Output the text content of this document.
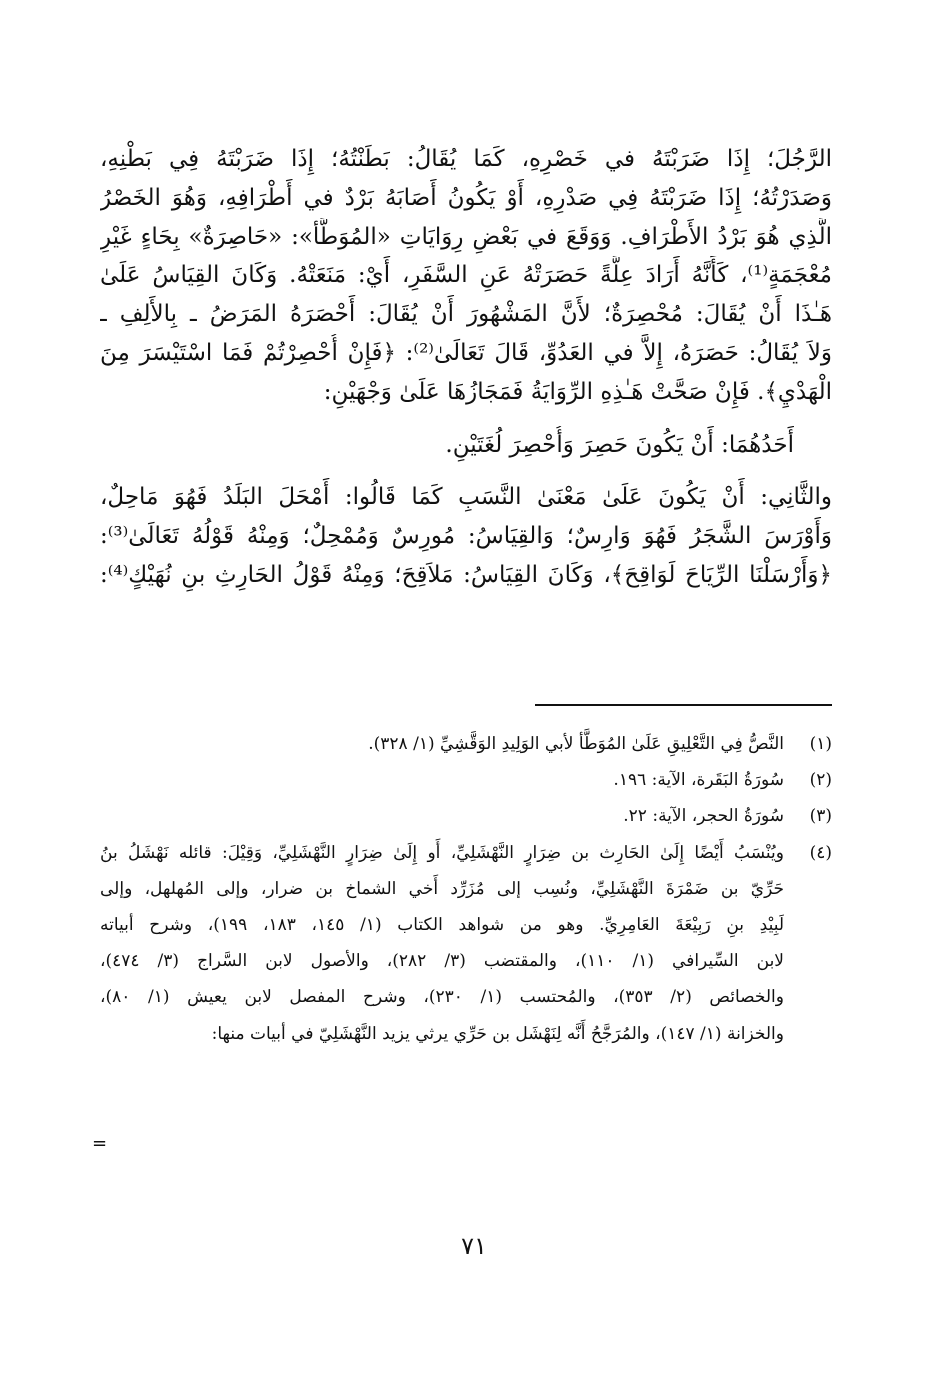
الرَّجُلَ؛ إِذَا ضَرَبْتَهُ في خَصْرِهِ، كَمَا يُقَالُ: بَطَنْتُهُ؛ إِذَا ضَرَبْتَهُ فِي بَطْنِهِ،
وَصَدَرْتُهُ؛ إِذَا ضَرَبْتَهُ فِي صَدْرِهِ، أَوْ يَكُونُ أَصَابَهُ بَرْدٌ في أَطْرَافِهِ، وَهُوَ الخَصْرُ
الَّذِي هُوَ بَرْدُ الأَطْرَافِ. وَوَقَعَ في بَعْضِ رِوَايَاتِ «المُوَطَّأ»: «حَاصِرَةٌ» بِحَاءٍ غَيْرِ
مُعْجَمَةٍ⁽¹⁾، كَأَنَّهُ أَرَادَ عِلَّةً حَصَرَتْهُ عَنِ السَّفَرِ، أَيْ: مَنَعَتْهُ. وَكَانَ القِيَاسُ عَلَىٰ
هَـٰذَا أَنْ يُقَالَ: مُحْصِرَةٌ؛ لأَنَّ المَشْهُورَ أَنْ يُقَالَ: أَحْصَرَهُ المَرَضُ ـ بِالأَلِفِ ـ
وَلاَ يُقَالُ: حَصَرَهُ، إِلاَّ في العَدُوِّ، قَالَ تَعَالَىٰ⁽²⁾: ﴿فَإِنْ أُحْصِرْتُمْ فَمَا اسْتَيْسَرَ مِنَ
الْهَدْيِ﴾. فَإِنْ صَحَّتْ هَـٰذِهِ الرِّوَايَةُ فَمَجَازُهَا عَلَىٰ وَجْهَيْنِ:

أَحَدُهُمَا: أَنْ يَكُونَ حَصِرَ وَأُحْصِرَ لُغَتَيْنِ.

والثَّانِي: أَنْ يَكُونَ عَلَىٰ مَعْنَىٰ النَّسَبِ كَمَا قَالُوا: أَمْحَلَ البَلَدُ فَهُوَ مَاحِلٌ،
وَأَوْرَسَ الشَّجَرُ فَهُوَ وَارِسٌ؛ وَالقِيَاسُ: مُورِسٌ وَمُمْحِلٌ؛ وَمِنْهُ قَوْلُهُ تَعَالَىٰ⁽³⁾:
﴿وَأَرْسَلْنَا الرِّيَاحَ لَوَاقِحَ﴾، وَكَانَ القِيَاسُ: مَلاَقِحَ؛ وَمِنْهُ قَوْلُ الحَارِثِ بنِ نُهَيْكٍ⁽⁴⁾:

(١)
النَّصُّ فِي التَّعْلِيقِ عَلَىٰ المُوَطَّأ لأبي الوَلِيدِ الوَقَّشِيِّ (١/ ٣٢٨).
(٢)
سُورَةُ البَقَرة، الآية: ١٩٦.
(٣)
سُورَةُ الحجر، الآية: ٢٢.
(٤)
ويُنْسَبُ أَيْضًا إِلَىٰ الحَارِث بن ضِرَارٍ النَّهْشَلِيِّ، أَو إِلَىٰ ضِرَارٍ النَّهْشَلِيِّ، وَقِيْلَ: قائله نَهْشَلُ بنُ
حَرِّيّ بن ضَمْرَةَ النَّهْشَلِيِّ، ونُسِب إلى مُزَرِّد أَخي الشماخ بن ضرار، وإلى المُهلهل، وإلى
لَبِيْدِ بنِ رَبِيْعَةَ العَامِرِيِّ. وهو من شواهد الكتاب (١/ ١٤٥، ١٨٣، ١٩٩)، وشرح أبياته
لابن السِّيرافي (١/ ١١٠)، والمقتضب (٣/ ٢٨٢)، والأصول لابن السَّراج (٣/ ٤٧٤)،
والخصائص (٢/ ٣٥٣)، والمُحتسب (١/ ٢٣٠)، وشرح المفصل لابن يعيش (١/ ٨٠)،
والخزانة (١/ ١٤٧)، والمُرَجَّحُ أَنَّه لِنَهْشَل بن حَرِّي يرثي يزيد النَّهْشَلِيّ في أبيات منها:
=
٧١
